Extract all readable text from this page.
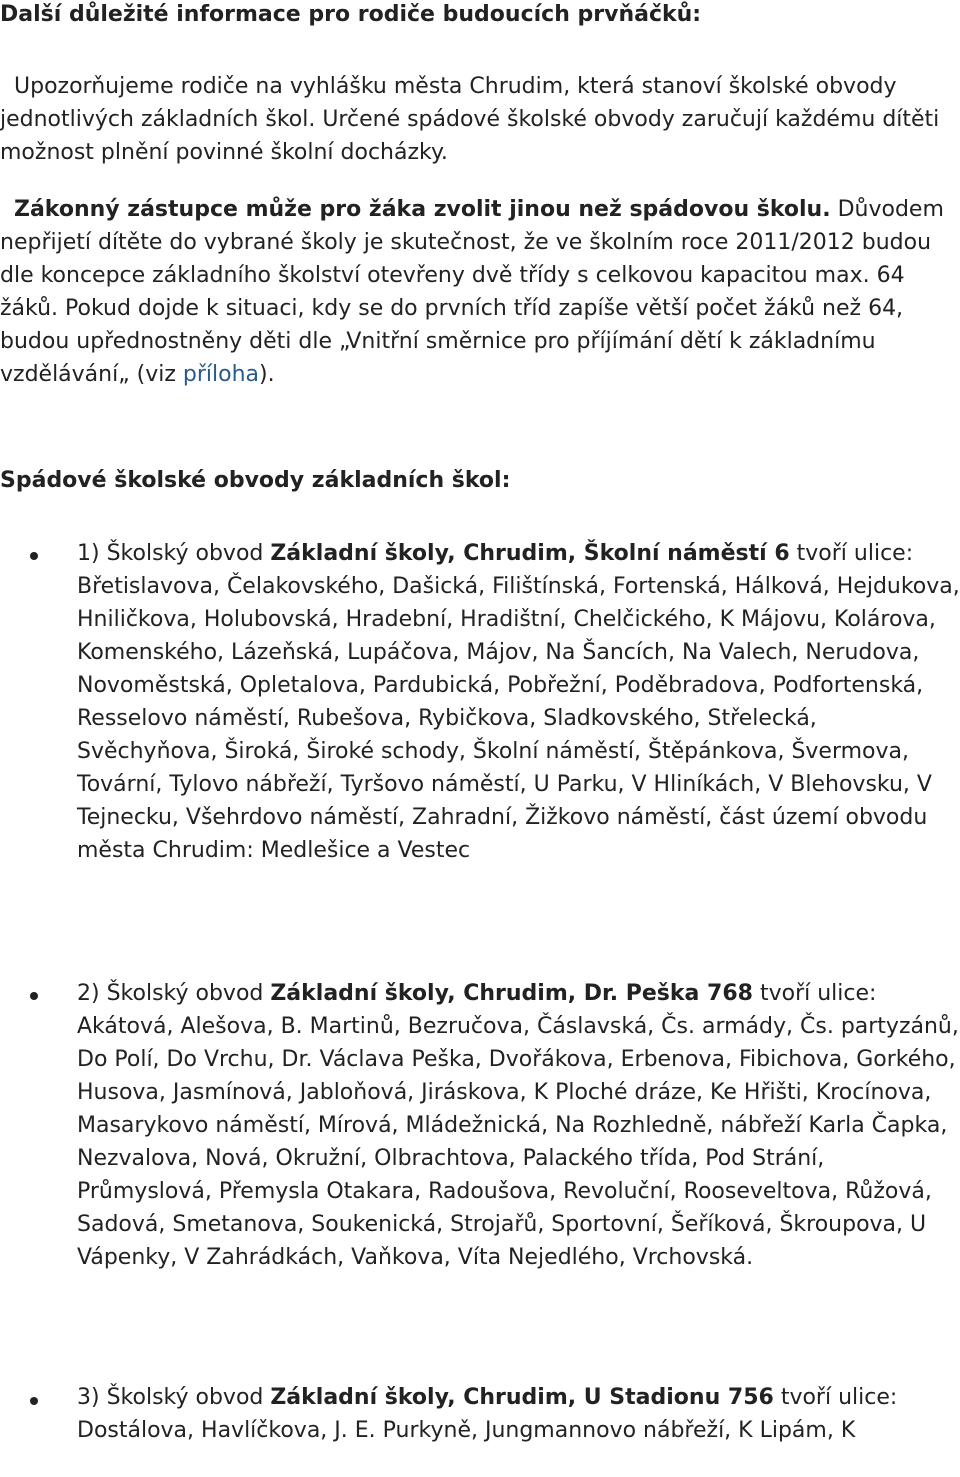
Další důležité informace pro rodiče budoucích prvňáčků:

Upozorňujeme rodiče na vyhlášku města Chrudim, která stanoví školské obvody jednotlivých základních škol. Určené spádové školské obvody zaručují každému dítěti možnost plnění povinné školní docházky.

Zákonný zástupce může pro žáka zvolit jinou než spádovou školu. Důvodem nepřijetí dítěte do vybrané školy je skutečnost, že ve školním roce 2011/2012 budou dle koncepce základního školství otevřeny dvě třídy s celkovou kapacitou max. 64 žáků. Pokud dojde k situaci, kdy se do prvních tříd zapíše větší počet žáků než 64, budou upřednostněny děti dle „Vnitřní směrnice pro příjímání dětí k základnímu vzdělávání„ (viz příloha).

Spádové školské obvody základních škol:

1) Školský obvod Základní školy, Chrudim, Školní náměstí 6 tvoří ulice:
Břetislavova, Čelakovského, Dašická, Filištínská, Fortenská, Hálková, Hejdukova, Hniličkova, Holubovská, Hradební, Hradištní, Chelčického, K Májovu, Kolárova, Komenského, Lázeňská, Lupáčova, Májov, Na Šancích, Na Valech, Nerudova, Novoměstská, Opletalova, Pardubická, Pobřežní, Poděbradova, Podfortenská, Resselovo náměstí, Rubešova, Rybičkova, Sladkovského, Střelecká, Svěchyňova, Široká, Široké schody, Školní náměstí, Štěpánkova, Švermova, Tovární, Tylovo nábřeží, Tyršovo náměstí, U Parku, V Hliníkách, V Blehovsku, V Tejnecku, Všehrdovo náměstí, Zahradní, Žižkovo náměstí, část území obvodu města Chrudim: Medlešice a Vestec

2) Školský obvod Základní školy, Chrudim, Dr. Peška 768 tvoří ulice:
Akátová, Alešova, B. Martinů, Bezručova, Čáslavská, Čs. armády, Čs. partyzánů, Do Polí, Do Vrchu, Dr. Václava Peška, Dvořákova, Erbenova, Fibichova, Gorkého, Husova, Jasmínová, Jabloňová, Jiráskova, K Ploché dráze, Ke Hřišti, Krocínova, Masarykovo náměstí, Mírová, Mládežnická, Na Rozhledně, nábřeží Karla Čapka, Nezvalova, Nová, Okružní, Olbrachtova, Palackého třída, Pod Strání, Průmyslová, Přemysla Otakara, Radoušova, Revoluční, Rooseveltova, Růžová, Sadová, Smetanova, Soukenická, Strojařů, Sportovní, Šeříková, Škroupova, U Vápenky, V Zahrádkách, Vaňkova, Víta Nejedlého, Vrchovská.

3) Školský obvod Základní školy, Chrudim, U Stadionu 756 tvoří ulice:
Dostálova, Havlíčkova, J. E. Purkyně, Jungmannovo nábřeží, K Lipám, K
